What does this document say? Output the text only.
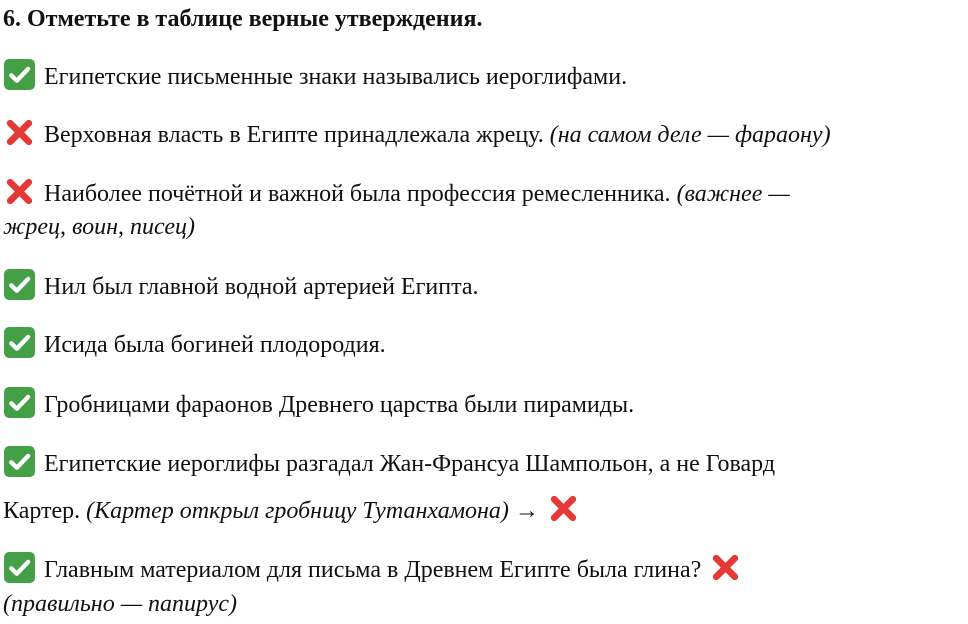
6. Отметьте в таблице верные утверждения.
Египетские письменные знаки назывались иероглифами.
Верховная власть в Египте принадлежала жрецу. (на самом деле — фараону)
Наиболее почётной и важной была профессия ремесленника. (важнее —
жрец, воин, писец)
Нил был главной водной артерией Египта.
Исида была богиней плодородия.
Гробницами фараонов Древнего царства были пирамиды.
Египетские иероглифы разгадал Жан-Франсуа Шампольон, а не Говард
Картер. (Картер открыл гробницу Тутанхамона) →
Главным материалом для письма в Древнем Египте была глина?
(правильно — папирус)
